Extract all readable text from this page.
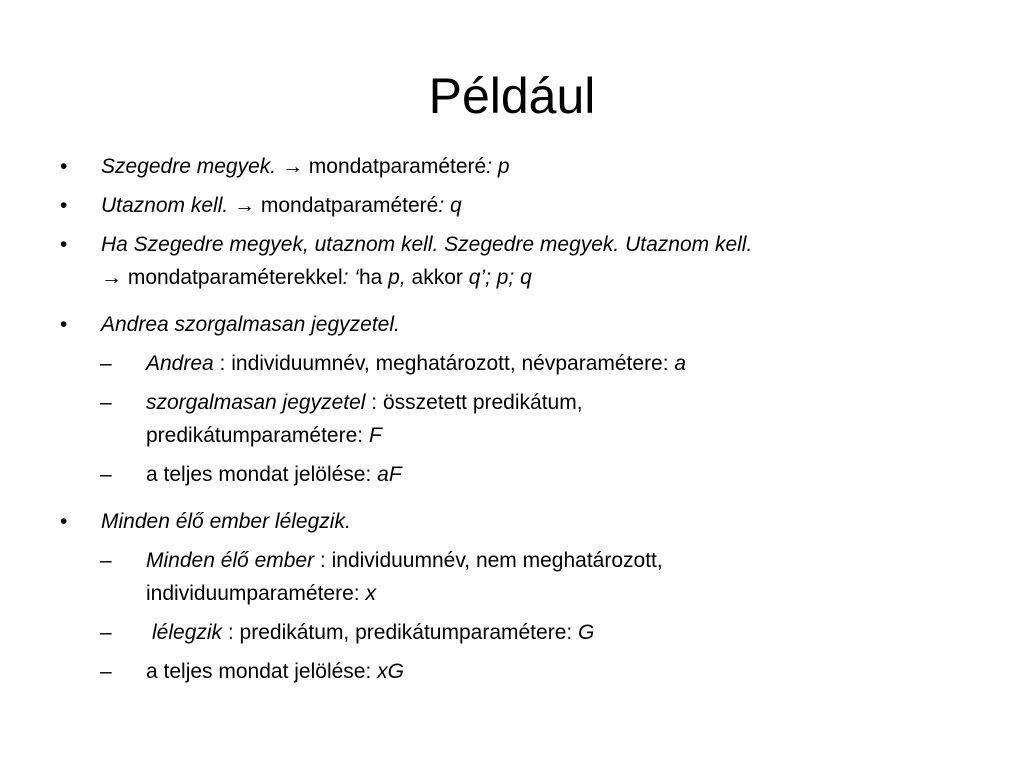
Például
•	Szegedre megyek. → mondatparaméteré: p
•	Utaznom kell. → mondatparaméteré: q
•	Ha Szegedre megyek, utaznom kell. Szegedre megyek. Utaznom kell.
→ mondatparaméterekkel: ‘ha p, akkor q’; p; q
•	Andrea szorgalmasan jegyzetel.
–	Andrea : individuumnév, meghatározott, névparamétere: a
–	szorgalmasan jegyzetel : összetett predikátum,
predikátumparamétere: F
–	a teljes mondat jelölése: aF
•	Minden élő ember lélegzik.
–	Minden élő ember : individuumnév, nem meghatározott,
individuumparamétere: x
–	lélegzik : predikátum, predikátumparamétere: G
–	a teljes mondat jelölése: xG
